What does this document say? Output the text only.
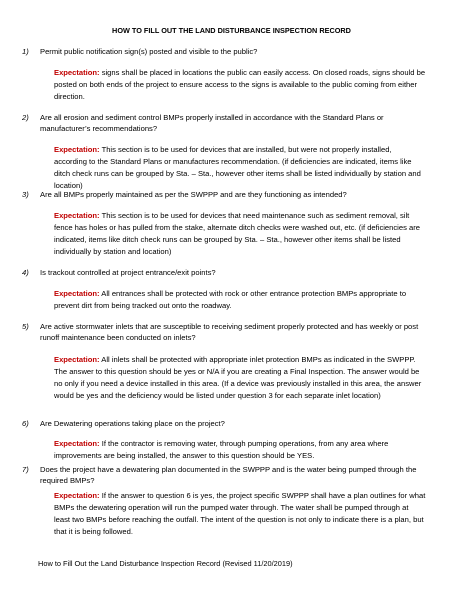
HOW TO FILL OUT THE LAND DISTURBANCE INSPECTION RECORD
1) Permit public notification sign(s) posted and visible to the public?
Expectation: signs shall be placed in locations the public can easily access. On closed roads, signs should be posted on both ends of the project to ensure access to the signs is available to the public coming from either direction.
2) Are all erosion and sediment control BMPs properly installed in accordance with the Standard Plans or manufacturer’s recommendations?
Expectation: This section is to be used for devices that are installed, but were not properly installed, according to the Standard Plans or manufactures recommendation. (if deficiencies are indicated, items like ditch check runs can be grouped by Sta. – Sta., however other items shall be listed individually by station and location)
3) Are all BMPs properly maintained as per the SWPPP and are they functioning as intended?
Expectation: This section is to be used for devices that need maintenance such as sediment removal, silt fence has holes or has pulled from the stake, alternate ditch checks were washed out, etc. (if deficiencies are indicated, items like ditch check runs can be grouped by Sta. – Sta., however other items shall be listed individually by station and location)
4) Is trackout controlled at project entrance/exit points?
Expectation: All entrances shall be protected with rock or other entrance protection BMPs appropriate to prevent dirt from being tracked out onto the roadway.
5) Are active stormwater inlets that are susceptible to receiving sediment properly protected and has weekly or post runoff maintenance been conducted on inlets?
Expectation: All inlets shall be protected with appropriate inlet protection BMPs as indicated in the SWPPP. The answer to this question should be yes or N/A if you are creating a Final Inspection. The answer would be no only if you need a device installed in this area. (If a device was previously installed in this area, the answer would be yes and the deficiency would be listed under question 3 for each separate inlet location)
6) Are Dewatering operations taking place on the project?
Expectation: If the contractor is removing water, through pumping operations, from any area where improvements are being installed, the answer to this question should be YES.
7) Does the project have a dewatering plan documented in the SWPPP and is the water being pumped through the required BMPs?
Expectation: If the answer to question 6 is yes, the project specific SWPPP shall have a plan outlines for what BMPs the dewatering operation will run the pumped water through. The water shall be pumped through at least two BMPs before reaching the outfall. The intent of the question is not only to indicate there is a plan, but that it is being followed.
How to Fill Out the Land Disturbance Inspection Record (Revised 11/20/2019)
